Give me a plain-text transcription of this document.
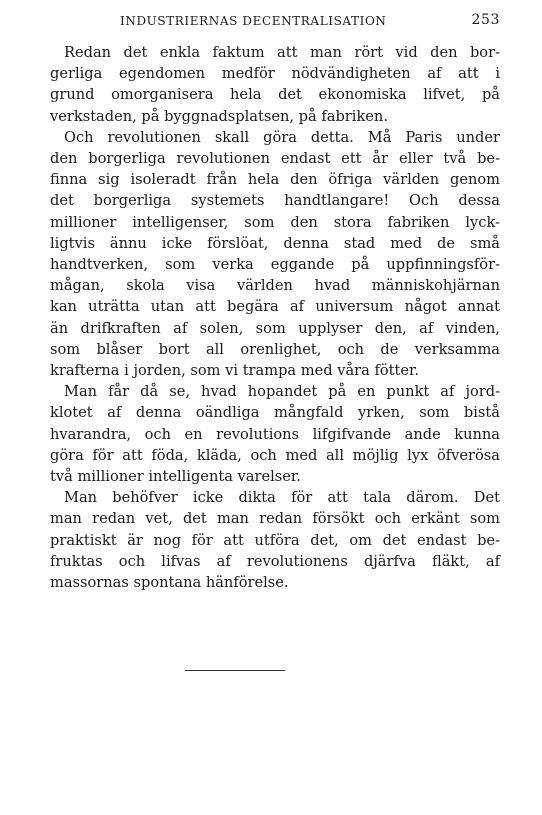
INDUSTRIERNAS DECENTRALISATION	253
Redan det enkla faktum att man rört vid den bor-
gerliga egendomen medför nödvändigheten af att i
grund omorganisera hela det ekonomiska lifvet, på
verkstaden, på byggnadsplatsen, på fabriken.
Och revolutionen skall göra detta. Må Paris under
den borgerliga revolutionen endast ett år eller två be-
finna sig isoleradt från hela den öfriga världen genom
det borgerliga systemets handtlangare! Och dessa
millioner intelligenser, som den stora fabriken lyck-
ligtvis ännu icke förslöat, denna stad med de små
handtverken, som verka eggande på uppfinningsför-
mågan, skola visa världen hvad människohjärnan
kan uträtta utan att begära af universum något annat
än drifkraften af solen, som upplyser den, af vinden,
som blåser bort all orenlighet, och de verksamma
krafterna i jorden, som vi trampa med våra fötter.
Man får då se, hvad hopandet på en punkt af jord-
klotet af denna oändliga mångfald yrken, som bistå
hvarandra, och en revolutions lifgifvande ande kunna
göra för att föda, kläda, och med all möjlig lyx öfverösa
två millioner intelligenta varelser.
Man behöfver icke dikta för att tala därom. Det
man redan vet, det man redan försökt och erkänt som
praktiskt är nog för att utföra det, om det endast be-
fruktas och lifvas af revolutionens djärfva fläkt, af
massornas spontana hänförelse.
